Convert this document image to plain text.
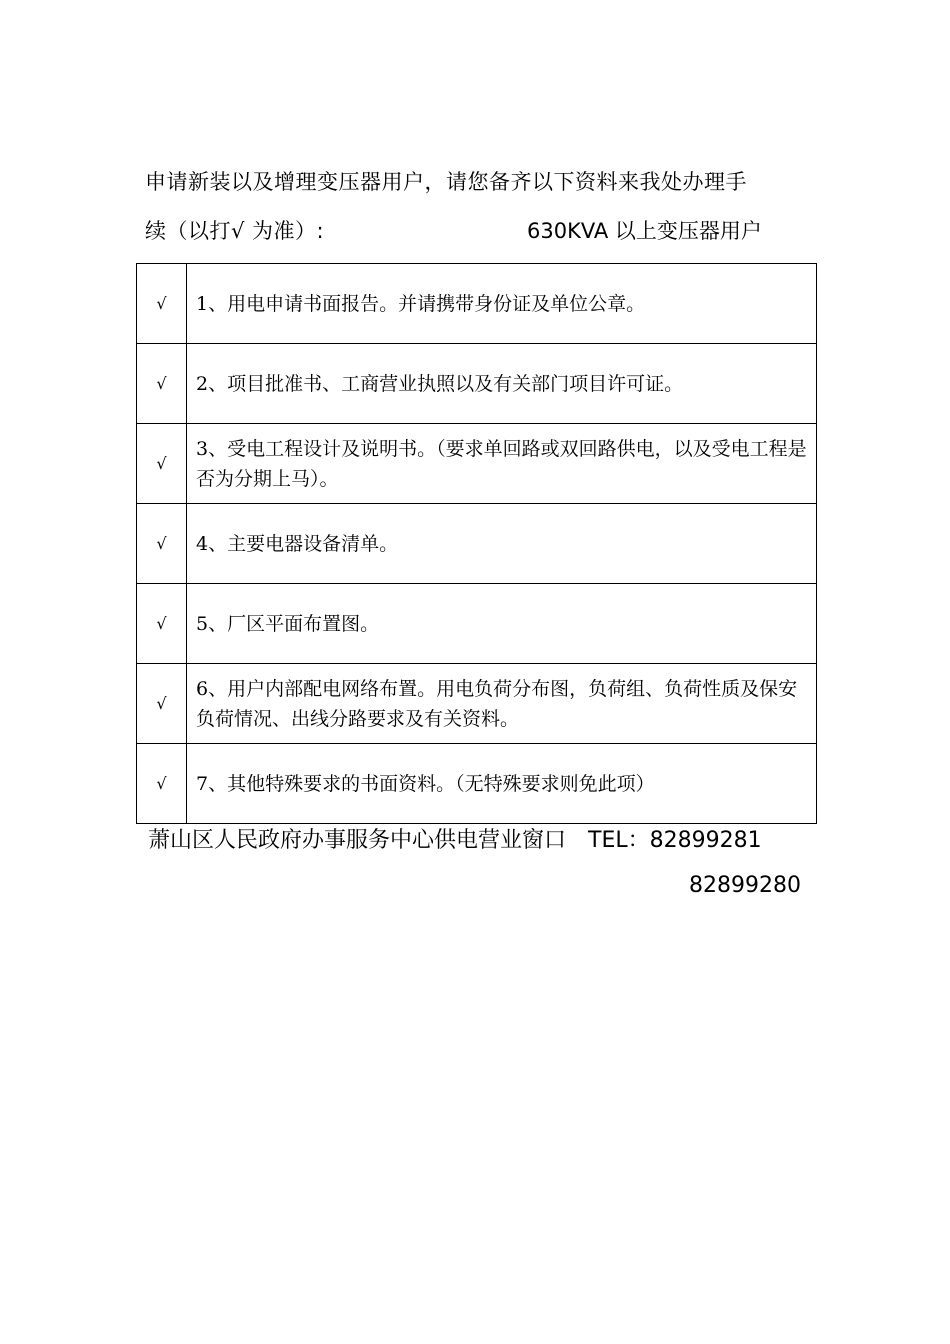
申请新装以及增理变压器用户，请您备齐以下资料来我处办理手
续（以打√ 为准）:	630KVA 以上变压器用户
√	1、用电申请书面报告。并请携带身份证及单位公章。
√	2、项目批准书、工商营业执照以及有关部门项目许可证。
√	3、受电工程设计及说明书。（要求单回路或双回路供电，以及受电工程是否为分期上马）。
√	4、主要电器设备清单。
√	5、厂区平面布置图。
√	6、用户内部配电网络布置。用电负荷分布图，负荷组、负荷性质及保安负荷情况、出线分路要求及有关资料。
√	7、其他特殊要求的书面资料。（无特殊要求则免此项）
萧山区人民政府办事服务中心供电营业窗口 TEL：82899281
82899280
